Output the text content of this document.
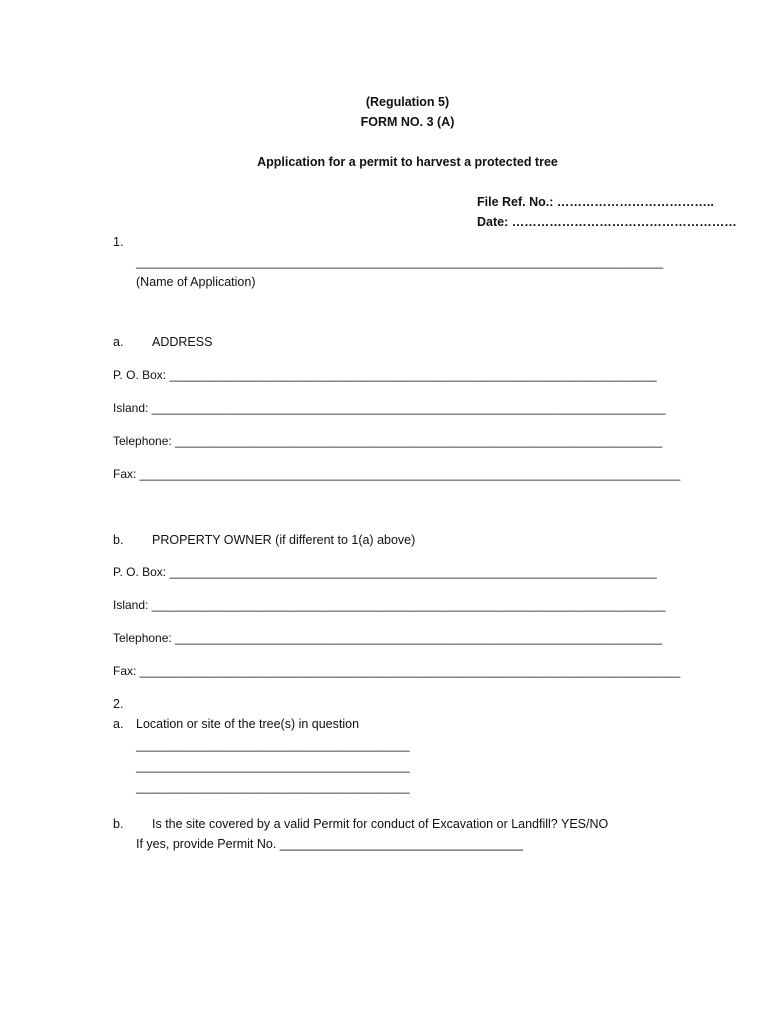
(Regulation 5)
FORM NO. 3 (A)
Application for a permit to harvest a protected tree
File Ref. No.: ………………………………..
Date: ………………………………………………
1.
_______________________________________________________________________________
(Name of Application)
a. ADDRESS
P. O. Box: _________________________________________________________________________
Island: _____________________________________________________________________________
Telephone: _________________________________________________________________________
Fax: _________________________________________________________________________________
b. PROPERTY OWNER (if different to 1(a) above)
P. O. Box: _________________________________________________________________________
Island: _____________________________________________________________________________
Telephone: _________________________________________________________________________
Fax: _________________________________________________________________________________
2.
a. Location or site of the tree(s) in question
_________________________________________
_________________________________________
_________________________________________
b. Is the site covered by a valid Permit for conduct of Excavation or Landfill? YES/NO
If yes, provide Permit No. ___________________________________
